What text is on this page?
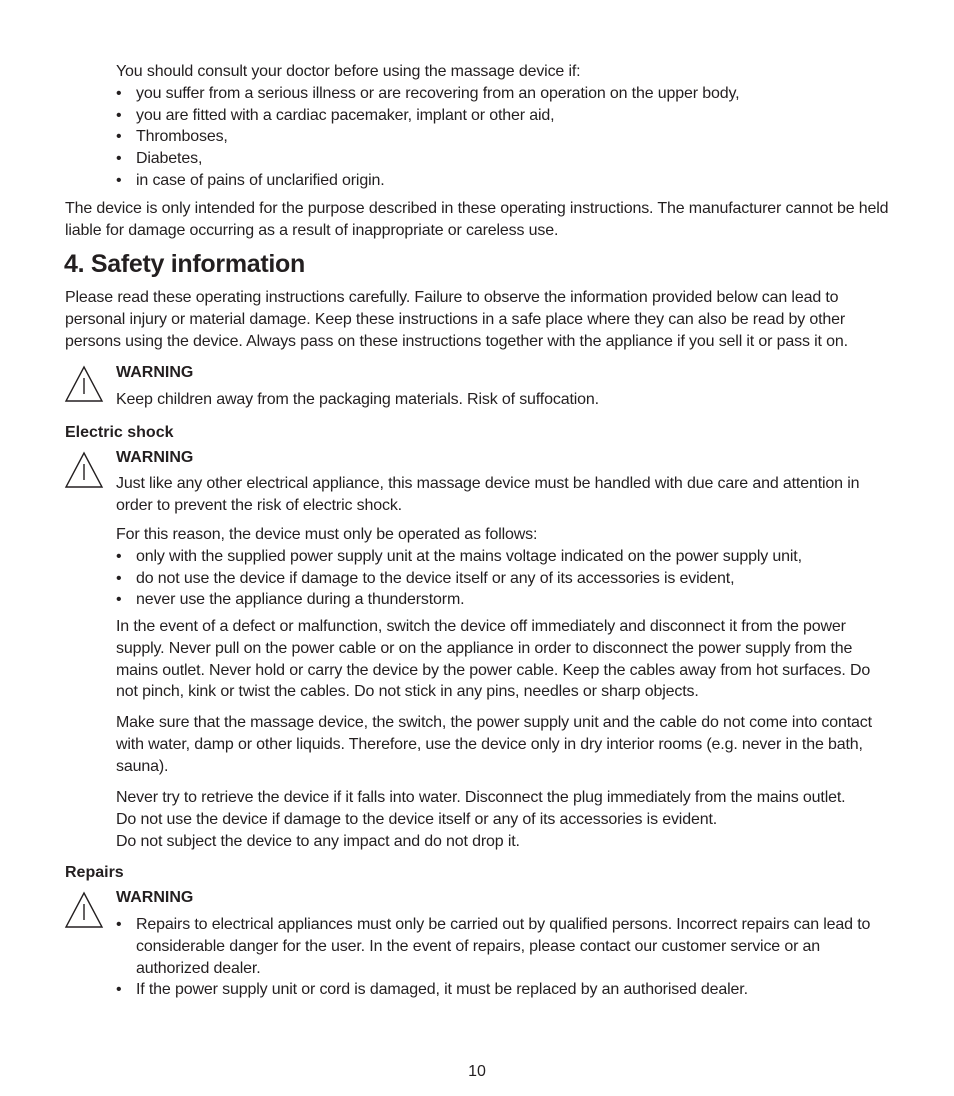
You should consult your doctor before using the massage device if:

• you suffer from a serious illness or are recovering from an operation on the upper body,
• you are fitted with a cardiac pacemaker, implant or other aid,
• Thromboses,
• Diabetes,
• in case of pains of unclarified origin.

The device is only intended for the purpose described in these operating instructions. The manufacturer cannot be held liable for damage occurring as a result of inappropriate or careless use.

4. Safety information

Please read these operating instructions carefully. Failure to observe the information provided below can lead to personal injury or material damage. Keep these instructions in a safe place where they can also be read by other persons using the device. Always pass on these instructions together with the appliance if you sell it or pass it on.

WARNING

Keep children away from the packaging materials. Risk of suffocation.

Electric shock
WARNING

Just like any other electrical appliance, this massage device must be handled with due care and attention in order to prevent the risk of electric shock.

For this reason, the device must only be operated as follows:

• only with the supplied power supply unit at the mains voltage indicated on the power supply unit,
• do not use the device if damage to the device itself or any of its accessories is evident,
• never use the appliance during a thunderstorm.

In the event of a defect or malfunction, switch the device off immediately and disconnect it from the power supply. Never pull on the power cable or on the appliance in order to disconnect the power supply from the mains outlet. Never hold or carry the device by the power cable. Keep the cables away from hot surfaces. Do not pinch, kink or twist the cables. Do not stick in any pins, needles or sharp objects.

Make sure that the massage device, the switch, the power supply unit and the cable do not come into contact with water, damp or other liquids. Therefore, use the device only in dry interior rooms (e.g. never in the bath, sauna).

Never try to retrieve the device if it falls into water. Disconnect the plug immediately from the mains outlet.

Do not use the device if damage to the device itself or any of its accessories is evident.

Do not subject the device to any impact and do not drop it.

Repairs
WARNING
• Repairs to electrical appliances must only be carried out by qualified persons. Incorrect repairs can lead to considerable danger for the user. In the event of repairs, please contact our customer service or an authorized dealer.
• If the power supply unit or cord is damaged, it must be replaced by an authorised dealer.
10
